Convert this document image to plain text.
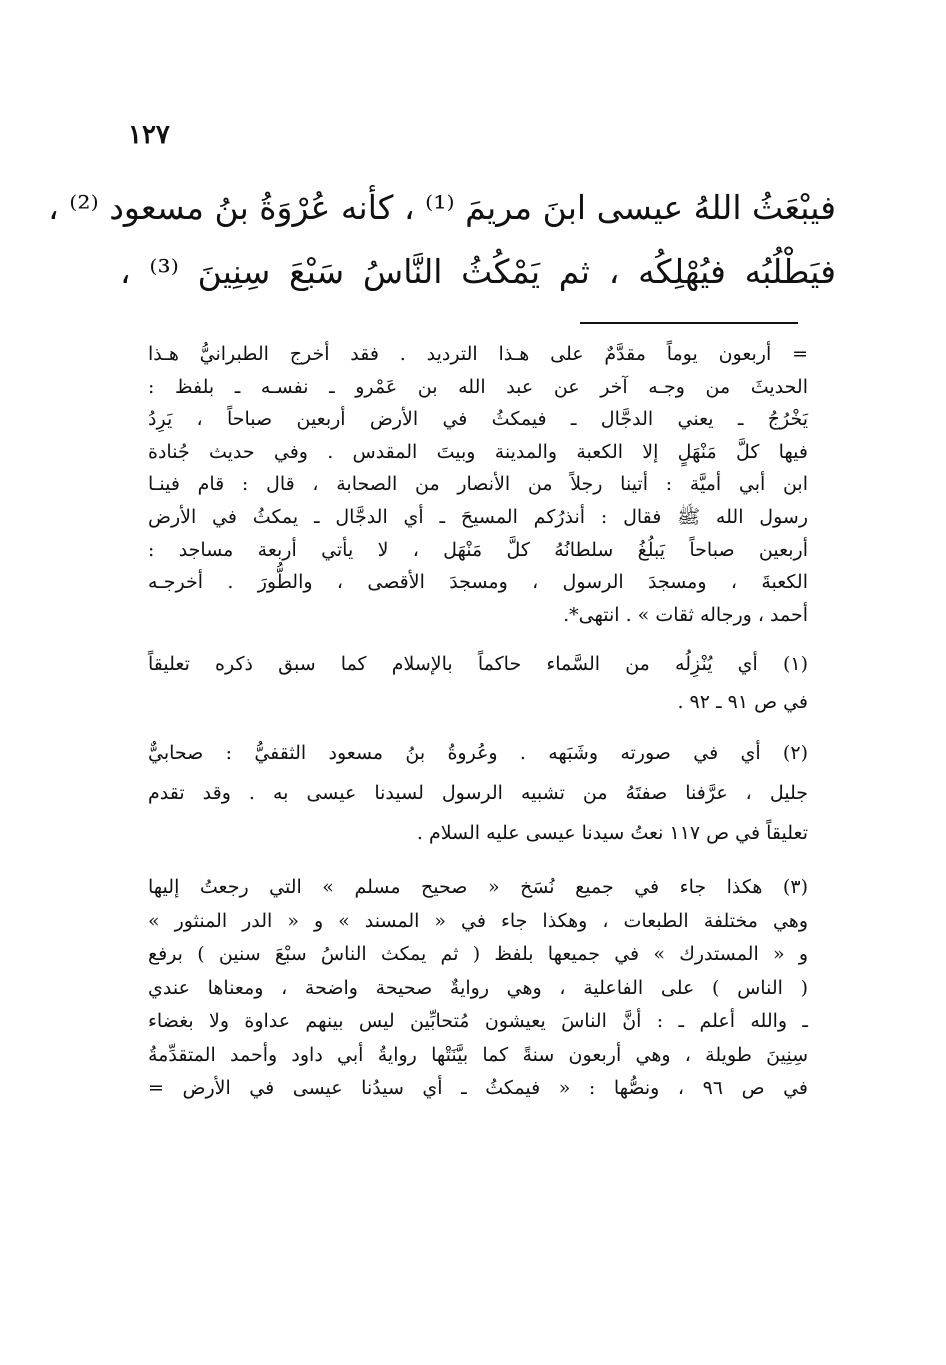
١٢٧
فيبْعَثُ اللهُ عيسى ابنَ مريمَ ⁽¹⁾ ، كأنه عُرْوَةُ بنُ مسعود ⁽²⁾ ،
فيَطْلُبُه فيُهْلِكُه ، ثم يَمْكُثُ النَّاسُ سَبْعَ سِنِينَ ⁽³⁾ ،
= أربعون يوماً مقدَّمٌ على هـذا الترديد . فقد أخرج الطبرانيُّ هـذا
الحديثَ من وجـه آخر عن عبد الله بن عَمْرو ـ نفسـه ـ بلفظ :
يَخْرُجُ ـ يعني الدجَّال ـ فيمكثُ في الأرض أربعين صباحاً ، يَرِدُ
فيها كلَّ مَنْهَلٍ إلا الكعبة والمدينة وبيتَ المقدس . وفي حديث جُنادة
ابن أبي أميَّة : أتينا رجلاً من الأنصار من الصحابة ، قال : قام فينـا
رسول الله ﷺ فقال : أنذرُكم المسيحَ ـ أي الدجَّال ـ يمكثُ في الأرض
أربعين صباحاً يَبلُغُ سلطانُهُ كلَّ مَنْهَل ، لا يأتي أربعة مساجد :
الكعبةَ ، ومسجدَ الرسول ، ومسجدَ الأقصى ، والطُّورَ . أخرجـه
أحمد ، ورجاله ثقات » . انتهى*.
(١) أي يُنْزِلُه من السَّماء حاكماً بالإسلام كما سبق ذكره تعليقاً
في ص ٩١ ـ ٩٢ .
(٢) أي في صورته وشَبَهه . وعُروةُ بنُ مسعود الثقفيُّ : صحابيٌّ
جليل ، عرَّفنا صفتَهُ من تشبيه الرسول لسيدنا عيسى به . وقد تقدم
تعليقاً في ص ١١٧ نعتُ سيدنا عيسى عليه السلام .
(٣) هكذا جاء في جميع نُسَخ « صحيح مسلم » التي رجعتُ إليها
وهي مختلفة الطبعات ، وهكذا جاء في « المسند » و « الدر المنثور »
و « المستدرك » في جميعها بلفظ ( ثم يمكث الناسُ سبْعَ سنين ) برفع
( الناس ) على الفاعلية ، وهي روايةٌ صحيحة واضحة ، ومعناها عندي
ـ والله أعلم ـ : أنَّ الناسَ يعيشون مُتحابِّين ليس بينهم عداوة ولا بغضاء
سِنِينَ طويلة ، وهي أربعون سنةً كما بيَّنَتْها روايةُ أبي داود وأحمد المتقدِّمةُ
في ص ٩٦ ، ونصُّها : « فيمكثُ ـ أي سيدُنا عيسى في الأرض =
